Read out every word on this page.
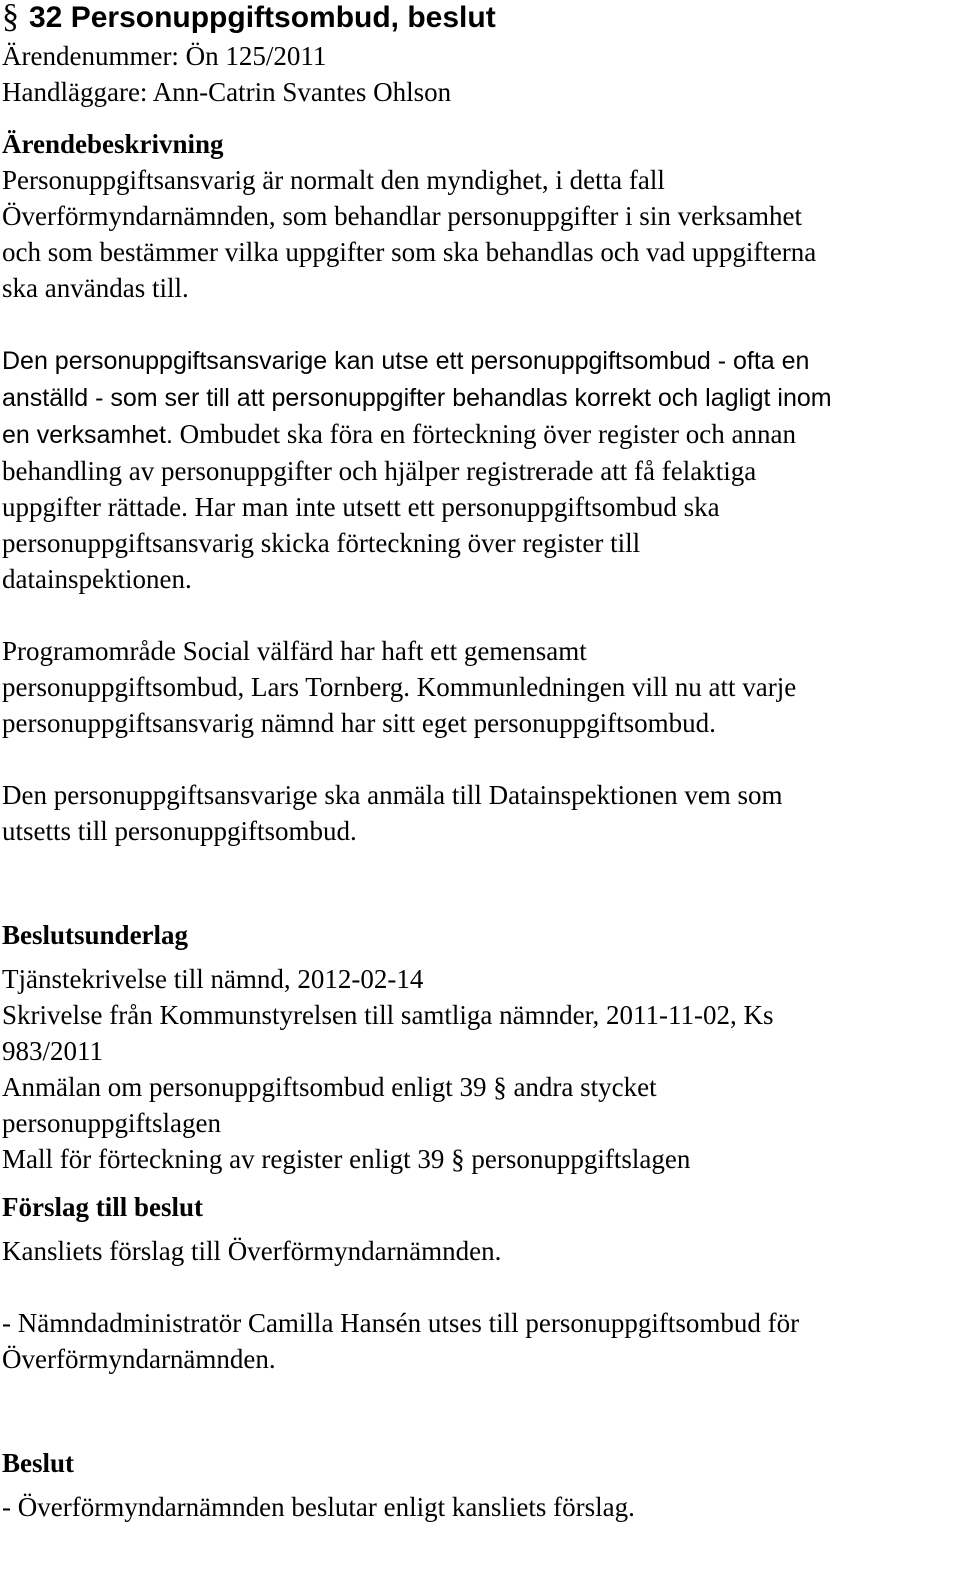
§ 32 Personuppgiftsombud, beslut
Ärendenummer: Ön 125/2011
Handläggare: Ann-Catrin Svantes Ohlson
Ärendebeskrivning

Personuppgiftsansvarig är normalt den myndighet, i detta fall
Överförmyndarnämnden, som behandlar personuppgifter i sin verksamhet
och som bestämmer vilka uppgifter som ska behandlas och vad uppgifterna
ska användas till.

Den personuppgiftsansvarige kan utse ett personuppgiftsombud - ofta en
anställd - som ser till att personuppgifter behandlas korrekt och lagligt inom
en verksamhet. Ombudet ska föra en förteckning över register och annan
behandling av personuppgifter och hjälper registrerade att få felaktiga
uppgifter rättade. Har man inte utsett ett personuppgiftsombud ska
personuppgiftsansvarig skicka förteckning över register till
datainspektionen.

Programområde Social välfärd har haft ett gemensamt
personuppgiftsombud, Lars Tornberg. Kommunledningen vill nu att varje
personuppgiftsansvarig nämnd har sitt eget personuppgiftsombud.

Den personuppgiftsansvarige ska anmäla till Datainspektionen vem som
utsetts till personuppgiftsombud.

Beslutsunderlag

Tjänstekrivelse till nämnd, 2012-02-14
Skrivelse från Kommunstyrelsen till samtliga nämnder, 2011-11-02, Ks
983/2011
Anmälan om personuppgiftsombud enligt 39 § andra stycket
personuppgiftslagen
Mall för förteckning av register enligt 39 § personuppgiftslagen

Förslag till beslut

Kansliets förslag till Överförmyndarnämnden.

- Nämndadministratör Camilla Hansén utses till personuppgiftsombud för
Överförmyndarnämnden.

Beslut

- Överförmyndarnämnden beslutar enligt kansliets förslag.
